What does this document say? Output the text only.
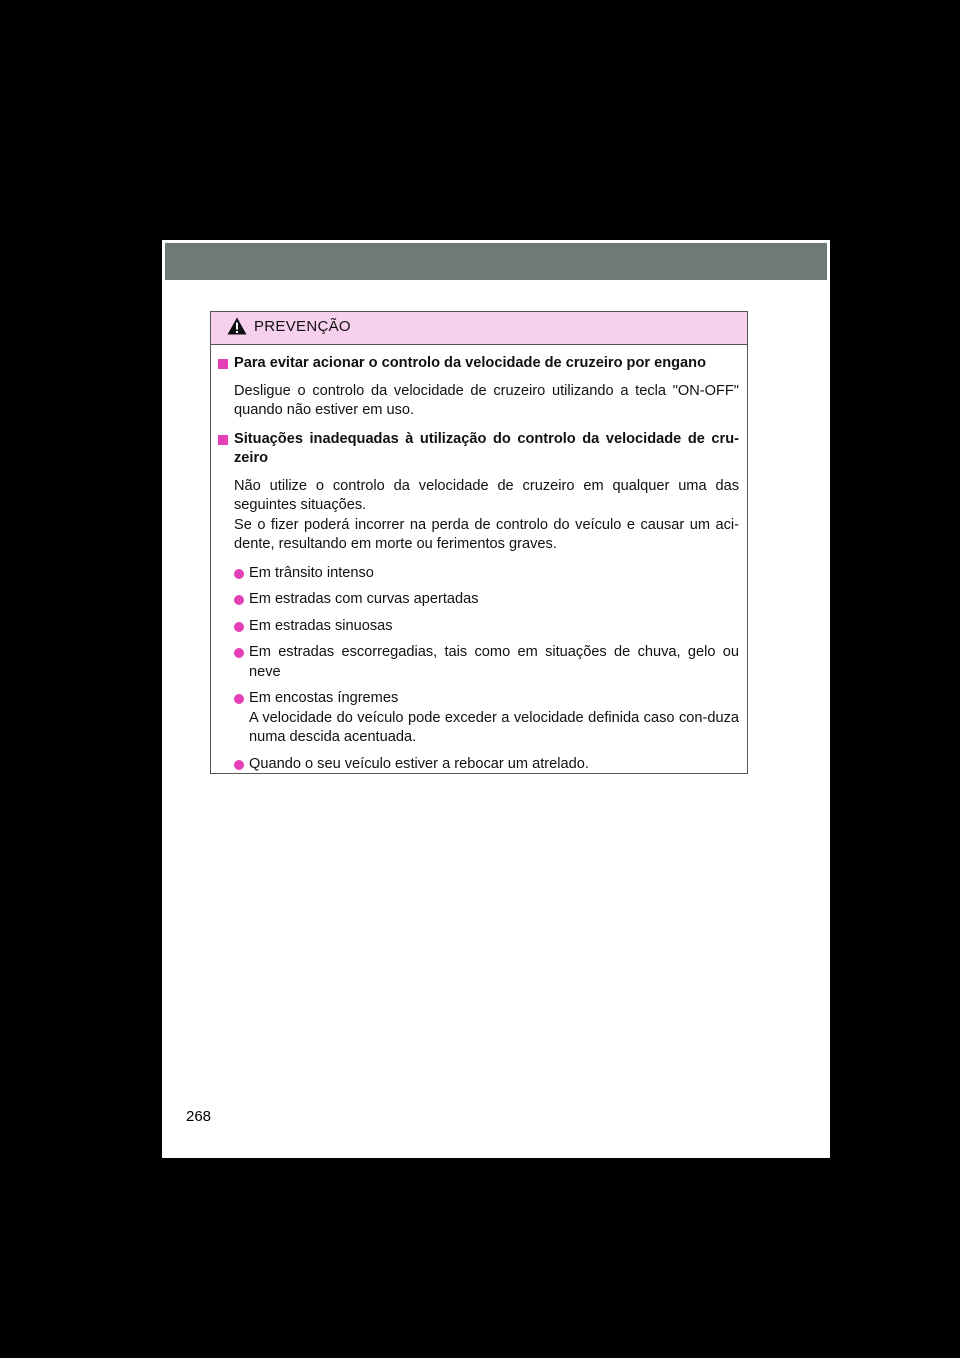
PREVENÇÃO
Para evitar acionar o controlo da velocidade de cruzeiro por engano
Desligue o controlo da velocidade de cruzeiro utilizando a tecla "ON-OFF" quando não estiver em uso.
Situações inadequadas à utilização do controlo da velocidade de cru-zeiro
Não utilize o controlo da velocidade de cruzeiro em qualquer uma das seguintes situações.
Se o fizer poderá incorrer na perda de controlo do veículo e causar um aci-dente, resultando em morte ou ferimentos graves.
Em trânsito intenso
Em estradas com curvas apertadas
Em estradas sinuosas
Em estradas escorregadias, tais como em situações de chuva, gelo ou neve
Em encostas íngremes
A velocidade do veículo pode exceder a velocidade definida caso con-duza numa descida acentuada.
Quando o seu veículo estiver a rebocar um atrelado.
268
